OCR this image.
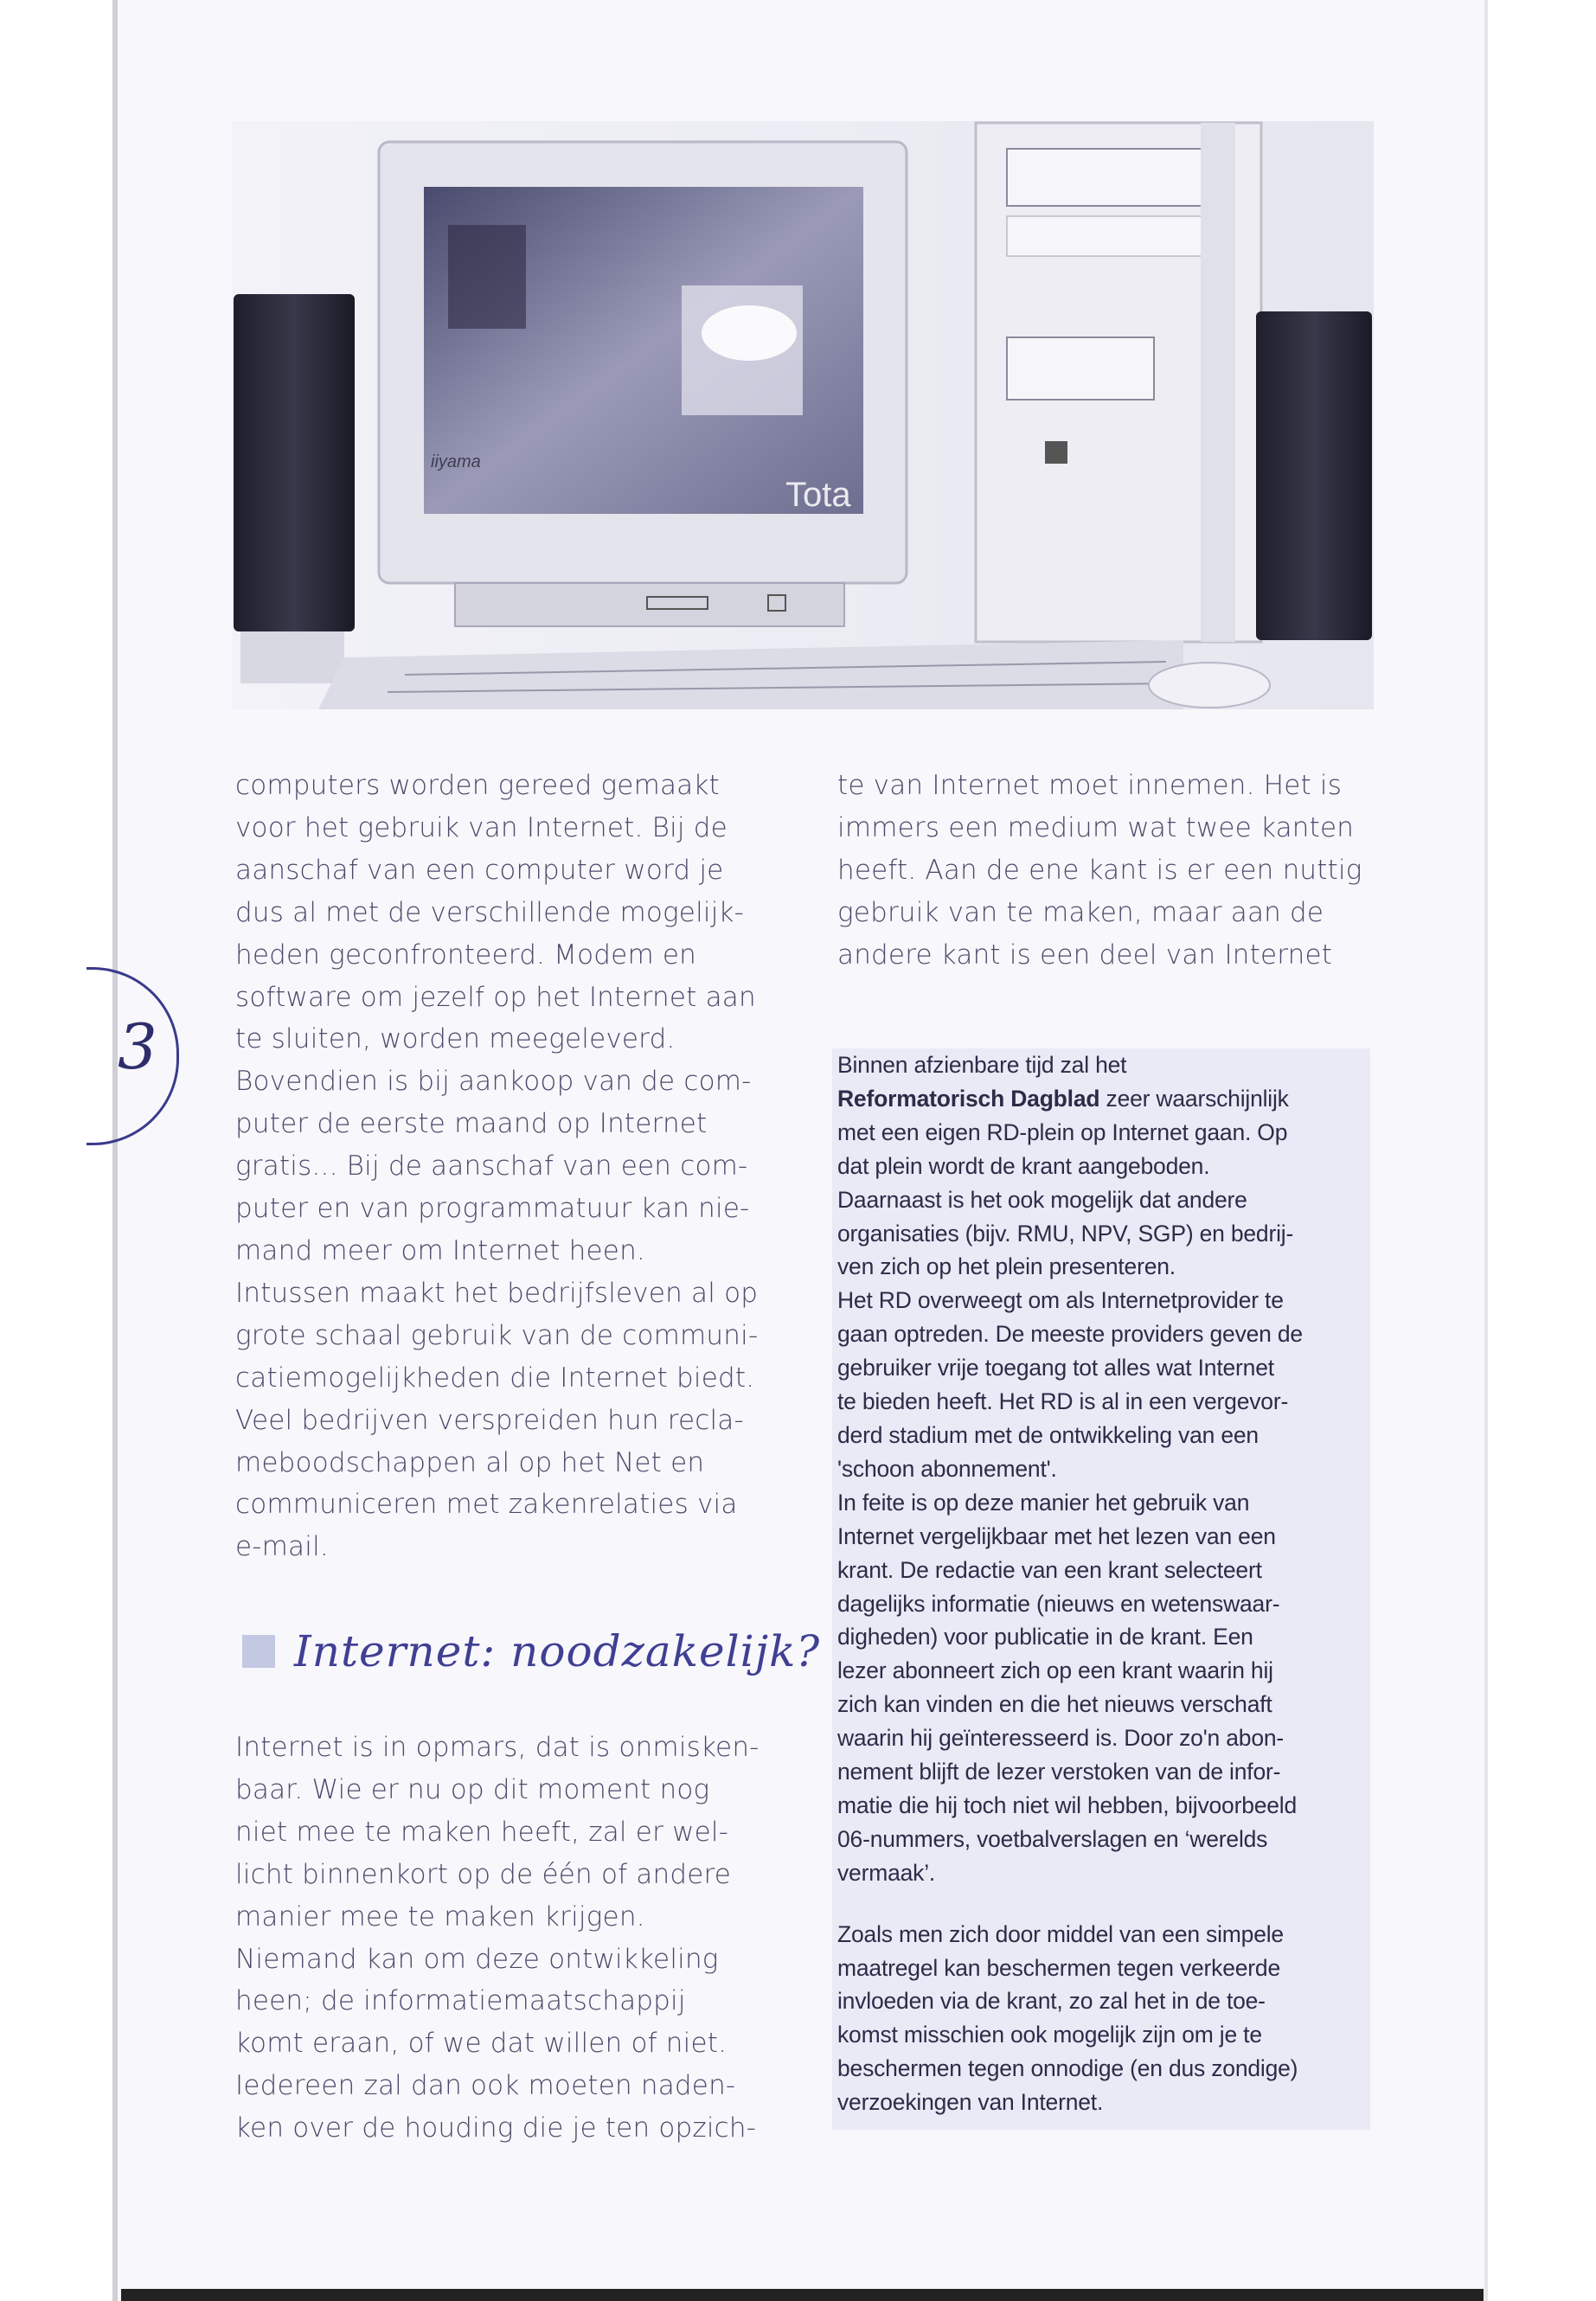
Tota
iiyama
3
computers worden gereed gemaakt
voor het gebruik van Internet. Bij de
aanschaf van een computer word je
dus al met de verschillende mogelijk-
heden geconfronteerd. Modem en
software om jezelf op het Internet aan
te sluiten, worden meegeleverd.
Bovendien is bij aankoop van de com-
puter de eerste maand op Internet
gratis... Bij de aanschaf van een com-
puter en van programmatuur kan nie-
mand meer om Internet heen.
Intussen maakt het bedrijfsleven al op
grote schaal gebruik van de communi-
catiemogelijkheden die Internet biedt.
Veel bedrijven verspreiden hun recla-
meboodschappen al op het Net en
communiceren met zakenrelaties via
e-mail.
Internet: noodzakelijk?
Internet is in opmars, dat is onmisken-
baar. Wie er nu op dit moment nog
niet mee te maken heeft, zal er wel-
licht binnenkort op de één of andere
manier mee te maken krijgen.
Niemand kan om deze ontwikkeling
heen; de informatiemaatschappij
komt eraan, of we dat willen of niet.
Iedereen zal dan ook moeten naden-
ken over de houding die je ten opzich-
te van Internet moet innemen. Het is
immers een medium wat twee kanten
heeft. Aan de ene kant is er een nuttig
gebruik van te maken, maar aan de
andere kant is een deel van Internet
Binnen afzienbare tijd zal het
Reformatorisch Dagblad zeer waarschijnlijk
met een eigen RD-plein op Internet gaan. Op
dat plein wordt de krant aangeboden.
Daarnaast is het ook mogelijk dat andere
organisaties (bijv. RMU, NPV, SGP) en bedrij-
ven zich op het plein presenteren.
Het RD overweegt om als Internetprovider te
gaan optreden. De meeste providers geven de
gebruiker vrije toegang tot alles wat Internet
te bieden heeft. Het RD is al in een vergevor-
derd stadium met de ontwikkeling van een
'schoon abonnement'.
In feite is op deze manier het gebruik van
Internet vergelijkbaar met het lezen van een
krant. De redactie van een krant selecteert
dagelijks informatie (nieuws en wetenswaar-
digheden) voor publicatie in de krant. Een
lezer abonneert zich op een krant waarin hij
zich kan vinden en die het nieuws verschaft
waarin hij geïnteresseerd is. Door zo'n abon-
nement blijft de lezer verstoken van de infor-
matie die hij toch niet wil hebben, bijvoorbeeld
06-nummers, voetbalverslagen en ‘werelds
vermaak’.
Zoals men zich door middel van een simpele
maatregel kan beschermen tegen verkeerde
invloeden via de krant, zo zal het in de toe-
komst misschien ook mogelijk zijn om je te
beschermen tegen onnodige (en dus zondige)
verzoekingen van Internet.
